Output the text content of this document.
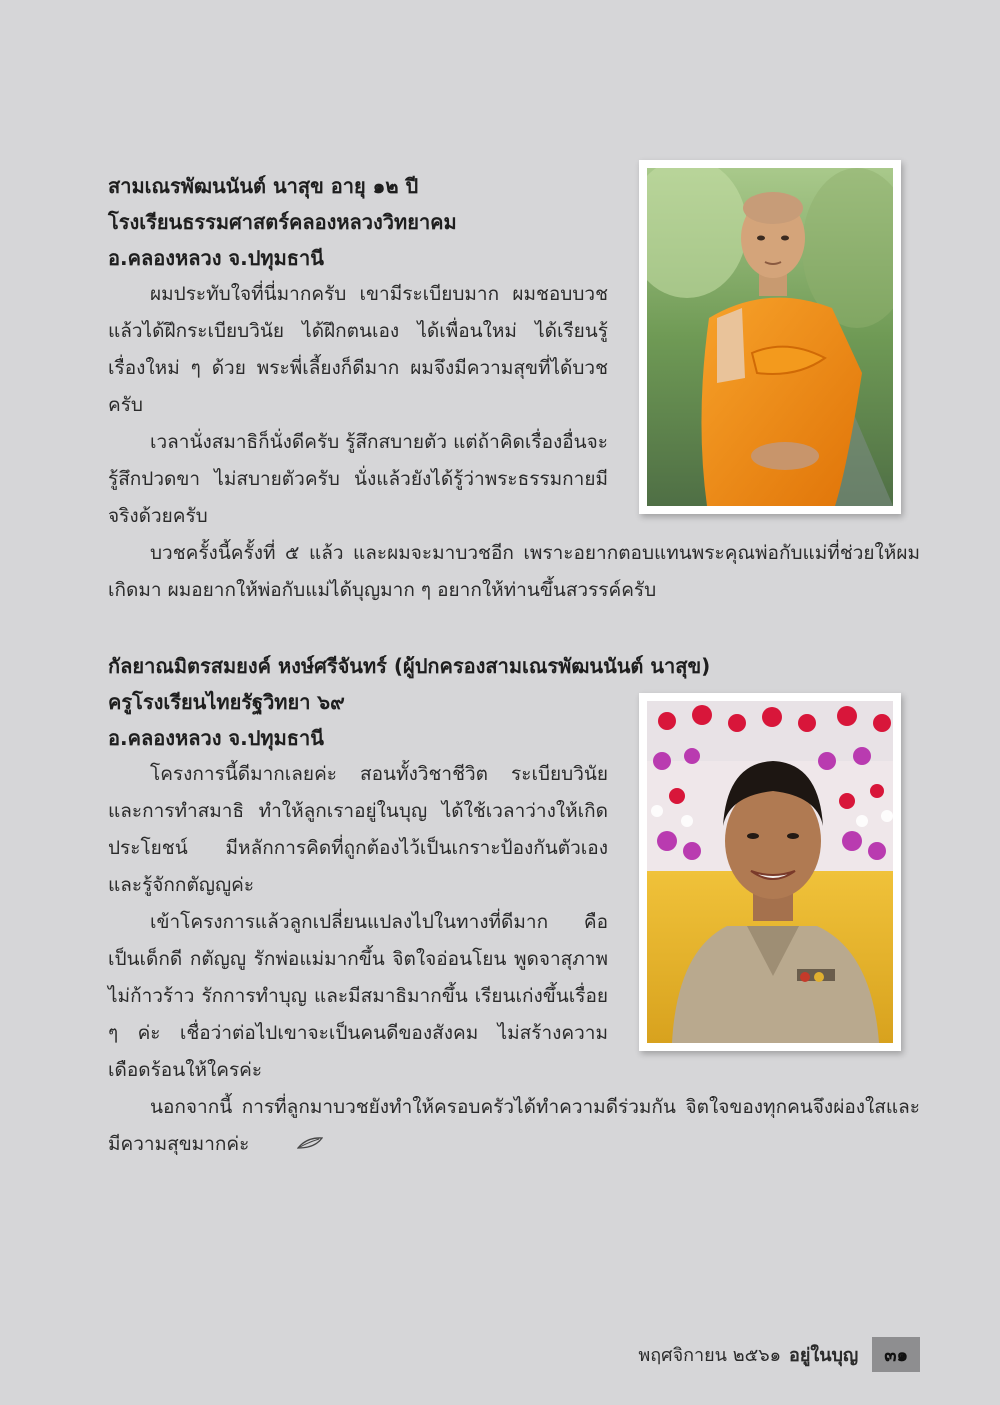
สามเณรพัฒนนันต์ นาสุข อายุ ๑๒ ปี
โรงเรียนธรรมศาสตร์คลองหลวงวิทยาคม
อ.คลองหลวง จ.ปทุมธานี

ผมประทับใจที่นี่มากครับ เขามีระเบียบมาก ผมชอบบวชแล้วได้ฝึกระเบียบวินัย ได้ฝึกตนเอง ได้เพื่อนใหม่ ได้เรียนรู้เรื่องใหม่ ๆ ด้วย พระพี่เลี้ยงก็ดีมาก ผมจึงมีความสุขที่ได้บวชครับ

เวลานั่งสมาธิก็นั่งดีครับ รู้สึกสบายตัว แต่ถ้าคิดเรื่องอื่นจะรู้สึกปวดขา ไม่สบายตัวครับ นั่งแล้วยังได้รู้ว่าพระธรรมกายมีจริงด้วยครับ

บวชครั้งนี้ครั้งที่ ๕ แล้ว และผมจะมาบวชอีก เพราะอยากตอบแทนพระคุณพ่อกับแม่ที่ช่วยให้ผมเกิดมา ผมอยากให้พ่อกับแม่ได้บุญมาก ๆ อยากให้ท่านขึ้นสวรรค์ครับ

กัลยาณมิตรสมยงค์ หงษ์ศรีจันทร์ (ผู้ปกครองสามเณรพัฒนนันต์ นาสุข)
ครูโรงเรียนไทยรัฐวิทยา ๖๙
อ.คลองหลวง จ.ปทุมธานี

โครงการนี้ดีมากเลยค่ะ สอนทั้งวิชาชีวิต ระเบียบวินัย และการทำสมาธิ ทำให้ลูกเราอยู่ในบุญ ได้ใช้เวลาว่างให้เกิดประโยชน์ มีหลักการคิดที่ถูกต้องไว้เป็นเกราะป้องกันตัวเอง และรู้จักกตัญญูค่ะ

เข้าโครงการแล้วลูกเปลี่ยนแปลงไปในทางที่ดีมาก คือเป็นเด็กดี กตัญญู รักพ่อแม่มากขึ้น จิตใจอ่อนโยน พูดจาสุภาพ ไม่ก้าวร้าว รักการทำบุญ และมีสมาธิมากขึ้น เรียนเก่งขึ้นเรื่อย ๆ ค่ะ เชื่อว่าต่อไปเขาจะเป็นคนดีของสังคม ไม่สร้างความเดือดร้อนให้ใครค่ะ

นอกจากนี้ การที่ลูกมาบวชยังทำให้ครอบครัวได้ทำความดีร่วมกัน จิตใจของทุกคนจึงผ่องใสและมีความสุขมากค่ะ

พฤศจิกายน ๒๕๖๑ อยู่ในบุญ	๓๑
